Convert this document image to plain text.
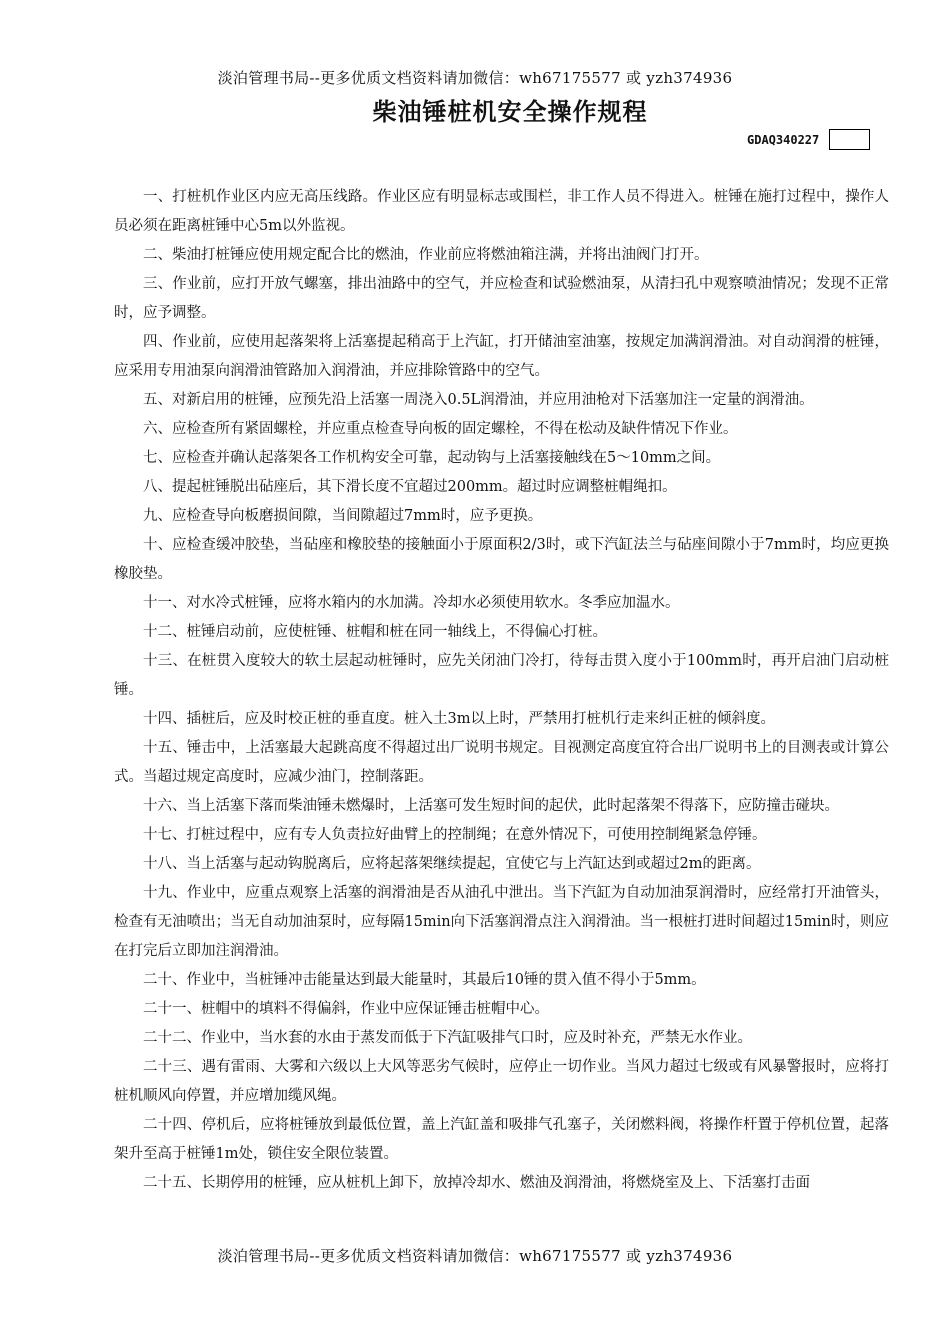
淡泊管理书局--更多优质文档资料请加微信：wh67175577 或 yzh374936
柴油锤桩机安全操作规程
GDAQ340227

一、打桩机作业区内应无高压线路。作业区应有明显标志或围栏，非工作人员不得进入。桩锤在施打过程中，操作人员必须在距离桩锤中心5m以外监视。

二、柴油打桩锤应使用规定配合比的燃油，作业前应将燃油箱注满，并将出油阀门打开。

三、作业前，应打开放气螺塞，排出油路中的空气，并应检查和试验燃油泵，从清扫孔中观察喷油情况；发现不正常时，应予调整。

四、作业前，应使用起落架将上活塞提起稍高于上汽缸，打开储油室油塞，按规定加满润滑油。对自动润滑的桩锤，应采用专用油泵向润滑油管路加入润滑油，并应排除管路中的空气。

五、对新启用的桩锤，应预先沿上活塞一周浇入0.5L润滑油，并应用油枪对下活塞加注一定量的润滑油。

六、应检查所有紧固螺栓，并应重点检查导向板的固定螺栓，不得在松动及缺件情况下作业。

七、应检查并确认起落架各工作机构安全可靠，起动钩与上活塞接触线在5～10mm之间。

八、提起桩锤脱出砧座后，其下滑长度不宜超过200mm。超过时应调整桩帽绳扣。

九、应检查导向板磨损间隙，当间隙超过7mm时，应予更换。

十、应检查缓冲胶垫，当砧座和橡胶垫的接触面小于原面积2/3时，或下汽缸法兰与砧座间隙小于7mm时，均应更换橡胶垫。

十一、对水冷式桩锤，应将水箱内的水加满。冷却水必须使用软水。冬季应加温水。

十二、桩锤启动前，应使桩锤、桩帽和桩在同一轴线上，不得偏心打桩。

十三、在桩贯入度较大的软土层起动桩锤时，应先关闭油门冷打，待每击贯入度小于100mm时，再开启油门启动桩锤。

十四、插桩后，应及时校正桩的垂直度。桩入土3m以上时，严禁用打桩机行走来纠正桩的倾斜度。

十五、锤击中，上活塞最大起跳高度不得超过出厂说明书规定。目视测定高度宜符合出厂说明书上的目测表或计算公式。当超过规定高度时，应减少油门，控制落距。

十六、当上活塞下落而柴油锤未燃爆时，上活塞可发生短时间的起伏，此时起落架不得落下，应防撞击碰块。

十七、打桩过程中，应有专人负责拉好曲臂上的控制绳；在意外情况下，可使用控制绳紧急停锤。

十八、当上活塞与起动钩脱离后，应将起落架继续提起，宜使它与上汽缸达到或超过2m的距离。

十九、作业中，应重点观察上活塞的润滑油是否从油孔中泄出。当下汽缸为自动加油泵润滑时，应经常打开油管头，检查有无油喷出；当无自动加油泵时，应每隔15min向下活塞润滑点注入润滑油。当一根桩打进时间超过15min时，则应在打完后立即加注润滑油。

二十、作业中，当桩锤冲击能量达到最大能量时，其最后10锤的贯入值不得小于5mm。

二十一、桩帽中的填料不得偏斜，作业中应保证锤击桩帽中心。

二十二、作业中，当水套的水由于蒸发而低于下汽缸吸排气口时，应及时补充，严禁无水作业。

二十三、遇有雷雨、大雾和六级以上大风等恶劣气候时，应停止一切作业。当风力超过七级或有风暴警报时，应将打桩机顺风向停置，并应增加缆风绳。

二十四、停机后，应将桩锤放到最低位置，盖上汽缸盖和吸排气孔塞子，关闭燃料阀，将操作杆置于停机位置，起落架升至高于桩锤1m处，锁住安全限位装置。

二十五、长期停用的桩锤，应从桩机上卸下，放掉冷却水、燃油及润滑油，将燃烧室及上、下活塞打击面

淡泊管理书局--更多优质文档资料请加微信：wh67175577 或 yzh374936
